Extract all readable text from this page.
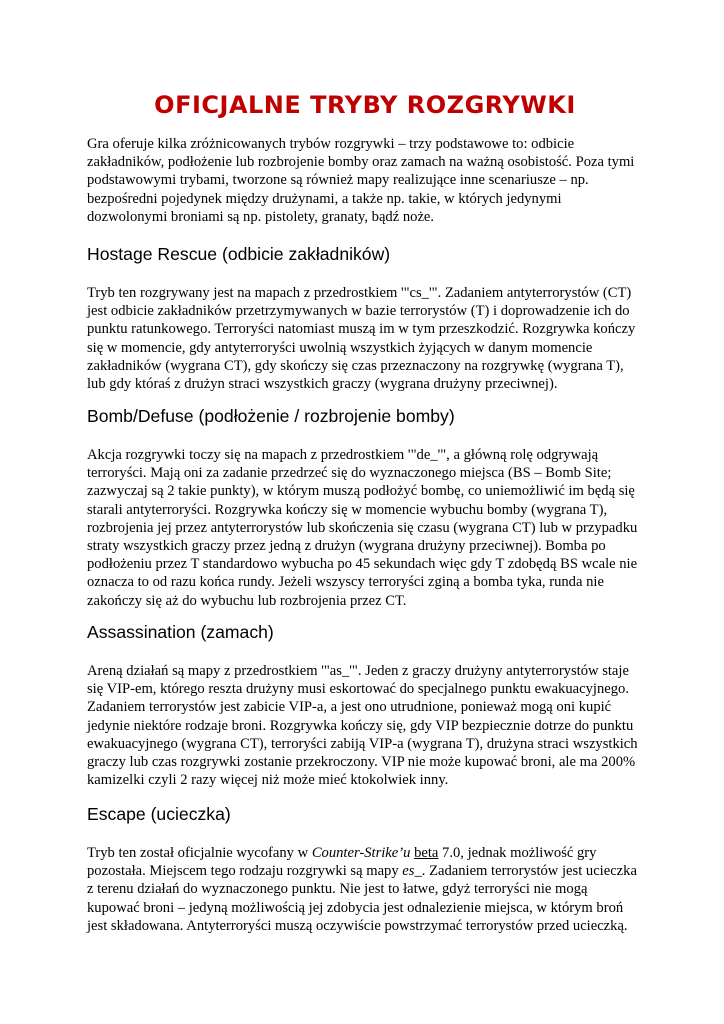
OFICJALNE TRYBY ROZGRYWKI

Gra oferuje kilka zróżnicowanych trybów rozgrywki – trzy podstawowe to: odbicie zakładników, podłożenie lub rozbrojenie bomby oraz zamach na ważną osobistość. Poza tymi podstawowymi trybami, tworzone są również mapy realizujące inne scenariusze – np. bezpośredni pojedynek między drużynami, a także np. takie, w których jedynymi dozwolonymi broniami są np. pistolety, granaty, bądź noże.

Hostage Rescue (odbicie zakładników)

Tryb ten rozgrywany jest na mapach z przedrostkiem '"cs_'". Zadaniem antyterrorystów (CT) jest odbicie zakładników przetrzymywanych w bazie terrorystów (T) i doprowadzenie ich do punktu ratunkowego. Terroryści natomiast muszą im w tym przeszkodzić. Rozgrywka kończy się w momencie, gdy antyterroryści uwolnią wszystkich żyjących w danym momencie zakładników (wygrana CT), gdy skończy się czas przeznaczony na rozgrywkę (wygrana T), lub gdy któraś z drużyn straci wszystkich graczy (wygrana drużyny przeciwnej).

Bomb/Defuse (podłożenie / rozbrojenie bomby)

Akcja rozgrywki toczy się na mapach z przedrostkiem '"de_'", a główną rolę odgrywają terroryści. Mają oni za zadanie przedrzeć się do wyznaczonego miejsca (BS – Bomb Site; zazwyczaj są 2 takie punkty), w którym muszą podłożyć bombę, co uniemożliwić im będą się starali antyterroryści. Rozgrywka kończy się w momencie wybuchu bomby (wygrana T), rozbrojenia jej przez antyterrorystów lub skończenia się czasu (wygrana CT) lub w przypadku straty wszystkich graczy przez jedną z drużyn (wygrana drużyny przeciwnej). Bomba po podłożeniu przez T standardowo wybucha po 45 sekundach więc gdy T zdobędą BS wcale nie oznacza to od razu końca rundy. Jeżeli wszyscy terroryści zginą a bomba tyka, runda nie zakończy się aż do wybuchu lub rozbrojenia przez CT.

Assassination (zamach)

Areną działań są mapy z przedrostkiem '"as_'". Jeden z graczy drużyny antyterrorystów staje się VIP-em, którego reszta drużyny musi eskortować do specjalnego punktu ewakuacyjnego. Zadaniem terrorystów jest zabicie VIP-a, a jest ono utrudnione, ponieważ mogą oni kupić jedynie niektóre rodzaje broni. Rozgrywka kończy się, gdy VIP bezpiecznie dotrze do punktu ewakuacyjnego (wygrana CT), terroryści zabiją VIP-a (wygrana T), drużyna straci wszystkich graczy lub czas rozgrywki zostanie przekroczony. VIP nie może kupować broni, ale ma 200% kamizelki czyli 2 razy więcej niż może mieć ktokolwiek inny.

Escape (ucieczka)

Tryb ten został oficjalnie wycofany w Counter-Strike’u beta 7.0, jednak możliwość gry pozostała. Miejscem tego rodzaju rozgrywki są mapy es_. Zadaniem terrorystów jest ucieczka z terenu działań do wyznaczonego punktu. Nie jest to łatwe, gdyż terroryści nie mogą kupować broni – jedyną możliwością jej zdobycia jest odnalezienie miejsca, w którym broń jest składowana. Antyterroryści muszą oczywiście powstrzymać terrorystów przed ucieczką.
